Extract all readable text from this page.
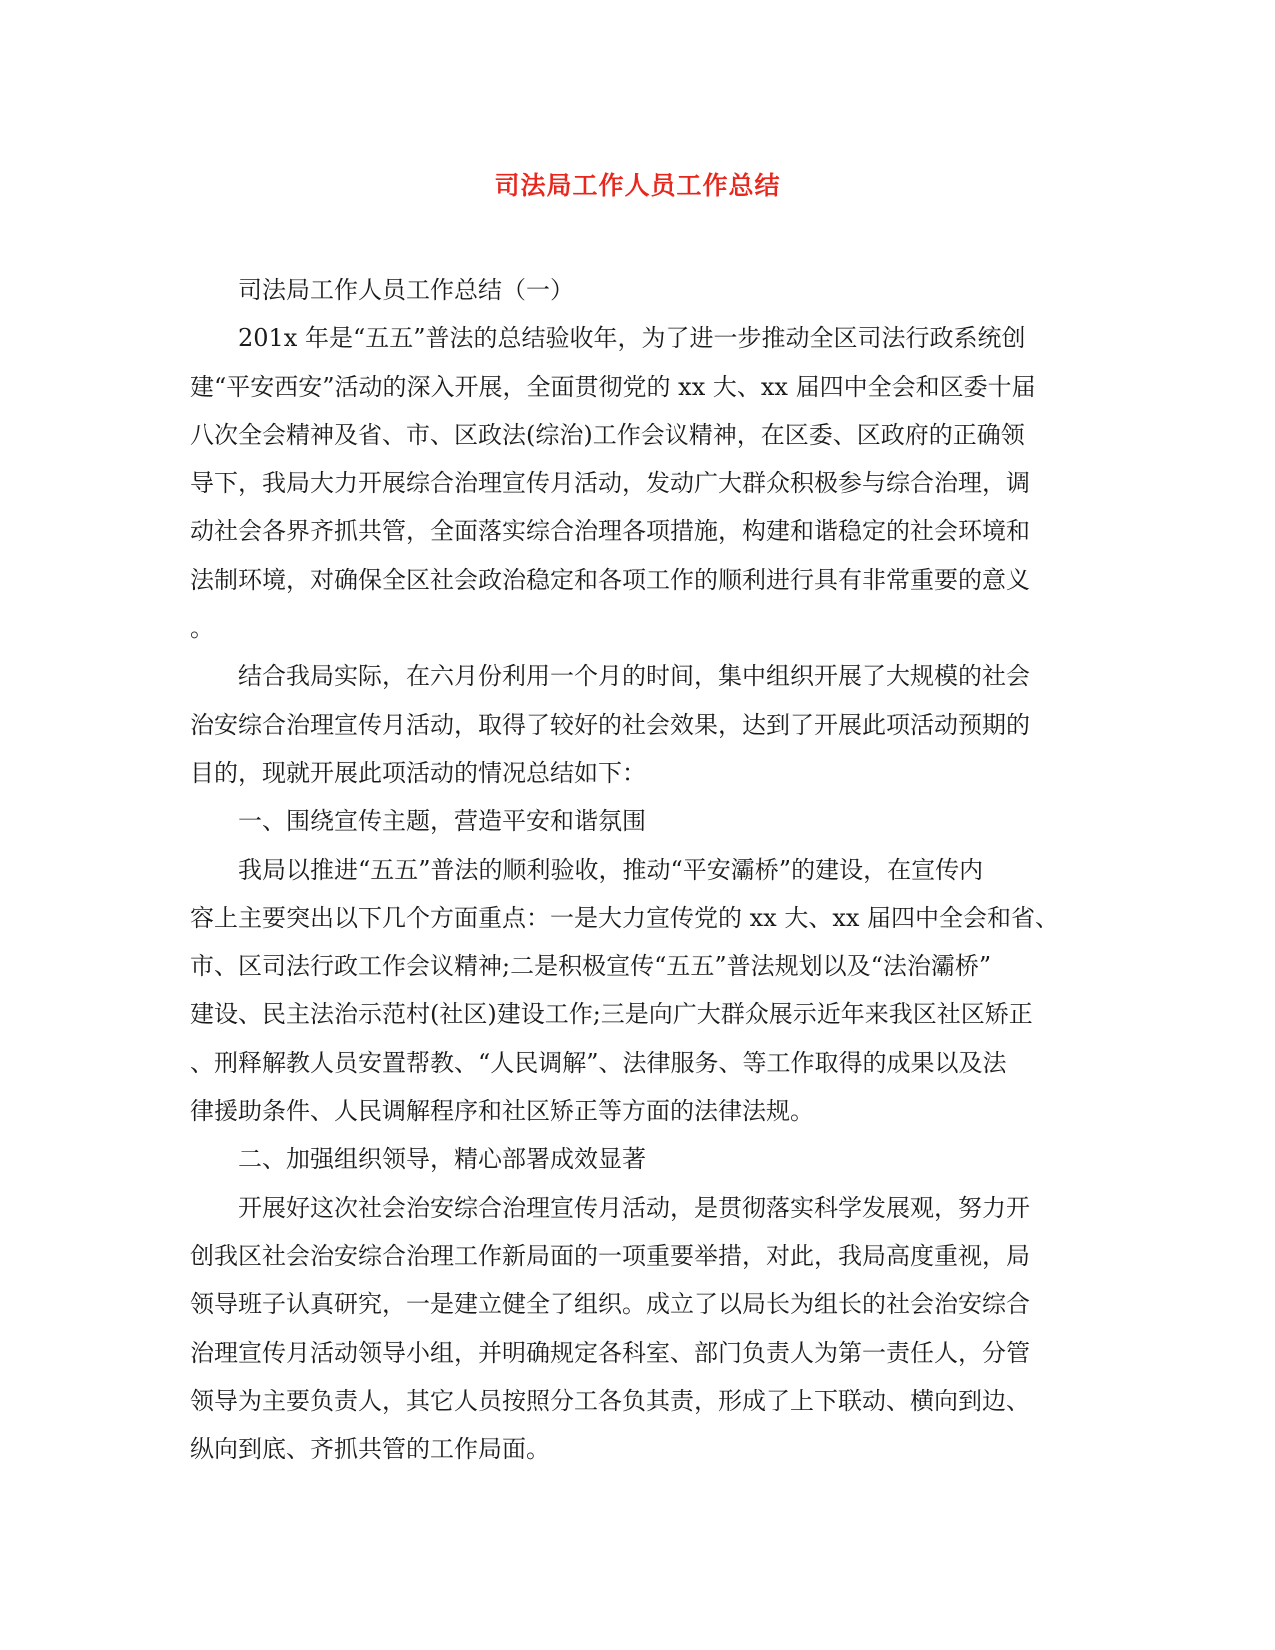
司法局工作人员工作总结
司法局工作人员工作总结（一）
201x 年是“五五”普法的总结验收年，为了进一步推动全区司法行政系统创
建“平安西安”活动的深入开展，全面贯彻党的 xx 大、xx 届四中全会和区委十届
八次全会精神及省、市、区政法(综治)工作会议精神，在区委、区政府的正确领
导下，我局大力开展综合治理宣传月活动，发动广大群众积极参与综合治理，调
动社会各界齐抓共管，全面落实综合治理各项措施，构建和谐稳定的社会环境和
法制环境，对确保全区社会政治稳定和各项工作的顺利进行具有非常重要的意义
。
结合我局实际，在六月份利用一个月的时间，集中组织开展了大规模的社会
治安综合治理宣传月活动，取得了较好的社会效果，达到了开展此项活动预期的
目的，现就开展此项活动的情况总结如下：
一、围绕宣传主题，营造平安和谐氛围
我局以推进“五五”普法的顺利验收，推动“平安灞桥”的建设，在宣传内
容上主要突出以下几个方面重点：一是大力宣传党的 xx 大、xx 届四中全会和省、
市、区司法行政工作会议精神;二是积极宣传“五五”普法规划以及“法治灞桥”
建设、民主法治示范村(社区)建设工作;三是向广大群众展示近年来我区社区矫正
、刑释解教人员安置帮教、“人民调解”、法律服务、等工作取得的成果以及法
律援助条件、人民调解程序和社区矫正等方面的法律法规。
二、加强组织领导，精心部署成效显著
开展好这次社会治安综合治理宣传月活动，是贯彻落实科学发展观，努力开
创我区社会治安综合治理工作新局面的一项重要举措，对此，我局高度重视，局
领导班子认真研究，一是建立健全了组织。成立了以局长为组长的社会治安综合
治理宣传月活动领导小组，并明确规定各科室、部门负责人为第一责任人，分管
领导为主要负责人，其它人员按照分工各负其责，形成了上下联动、横向到边、
纵向到底、齐抓共管的工作局面。
